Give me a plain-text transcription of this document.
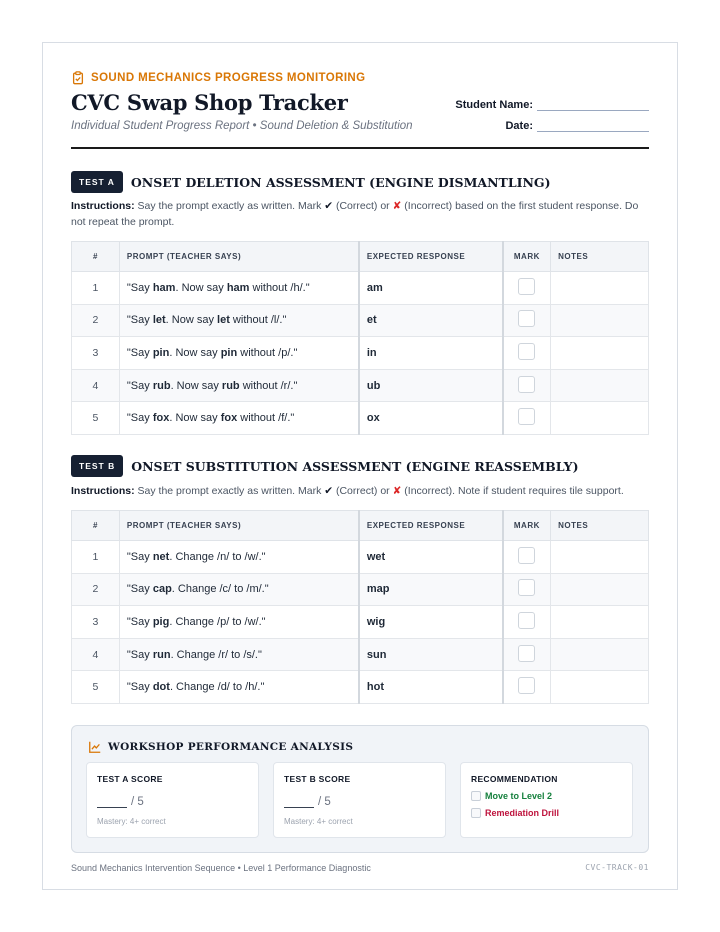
SOUND MECHANICS PROGRESS MONITORING
CVC Swap Shop Tracker
Individual Student Progress Report • Sound Deletion & Substitution
Student Name:
Date:
TEST A	ONSET DELETION ASSESSMENT (ENGINE DISMANTLING)
Instructions: Say the prompt exactly as written. Mark ✔ (Correct) or ✘ (Incorrect) based on the first student response. Do not repeat the prompt.
#	PROMPT (TEACHER SAYS)	EXPECTED RESPONSE	MARK	NOTES
1	"Say ham. Now say ham without /h/."	am		
2	"Say let. Now say let without /l/."	et		
3	"Say pin. Now say pin without /p/."	in		
4	"Say rub. Now say rub without /r/."	ub		
5	"Say fox. Now say fox without /f/."	ox		
TEST B	ONSET SUBSTITUTION ASSESSMENT (ENGINE REASSEMBLY)
Instructions: Say the prompt exactly as written. Mark ✔ (Correct) or ✘ (Incorrect). Note if student requires tile support.
#	PROMPT (TEACHER SAYS)	EXPECTED RESPONSE	MARK	NOTES
1	"Say net. Change /n/ to /w/."	wet		
2	"Say cap. Change /c/ to /m/."	map		
3	"Say pig. Change /p/ to /w/."	wig		
4	"Say run. Change /r/ to /s/."	sun		
5	"Say dot. Change /d/ to /h/."	hot		
WORKSHOP PERFORMANCE ANALYSIS
TEST A SCORE
/ 5
Mastery: 4+ correct
TEST B SCORE
/ 5
Mastery: 4+ correct
RECOMMENDATION
Move to Level 2
Remediation Drill
Sound Mechanics Intervention Sequence • Level 1 Performance Diagnostic	CVC-TRACK-01
